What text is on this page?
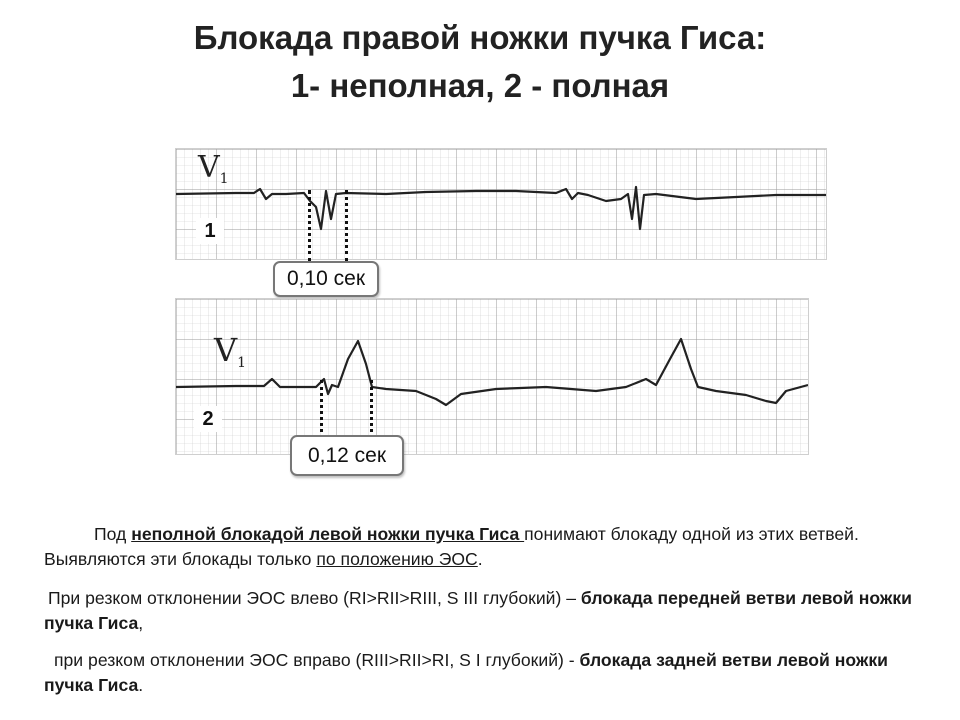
Блокада правой ножки пучка Гиса:
1- неполная, 2 - полная
$V_1$
1
0,10 сек
V1
2
0,12 сек
Под неполной блокадой левой ножки пучка Гиса понимают блокаду одной из этих ветвей. Выявляются эти блокады только по положению ЭОС.
При резком отклонении ЭОС влево (RI>RII>RIII, S III глубокий) – блокада передней ветви левой ножки пучка Гиса,
при резком отклонении ЭОС вправо (RIII>RII>RI, S I глубокий) - блокада задней ветви левой ножки пучка Гиса.
